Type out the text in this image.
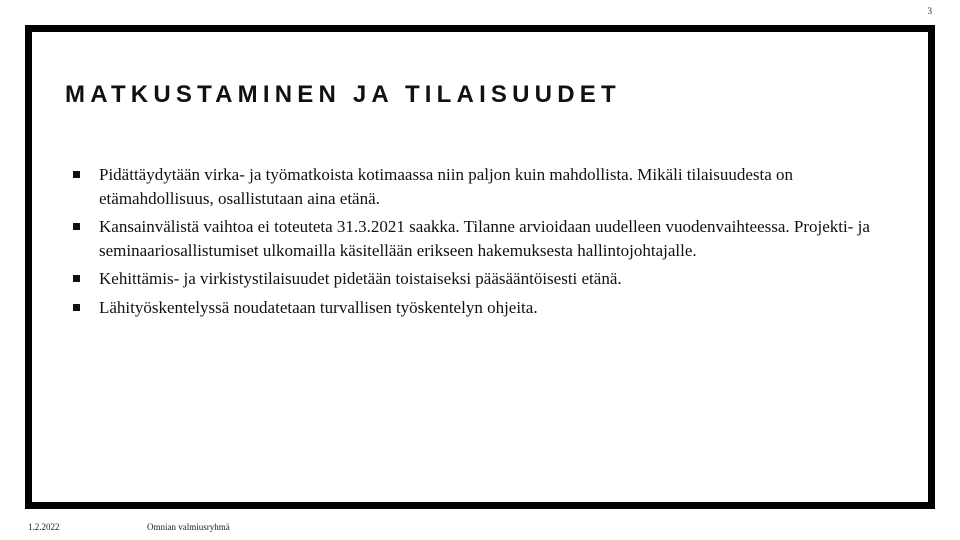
3
MATKUSTAMINEN JA TILAISUUDET
Pidättäydytään virka- ja työmatkoista kotimaassa niin paljon kuin mahdollista. Mikäli tilaisuudesta on etämahdollisuus, osallistutaan aina etänä.
Kansainvälistä vaihtoa ei toteuteta 31.3.2021 saakka. Tilanne arvioidaan uudelleen vuodenvaihteessa. Projekti- ja seminaariosallistumiset ulkomailla käsitellään erikseen hakemuksesta hallintojohtajalle.
Kehittämis- ja virkistystilaisuudet pidetään toistaiseksi pääsääntöisesti etänä.
Lähityöskentelyssä noudatetaan turvallisen työskentelyn ohjeita.
1.2.2022	Omnian valmiusryhmä
